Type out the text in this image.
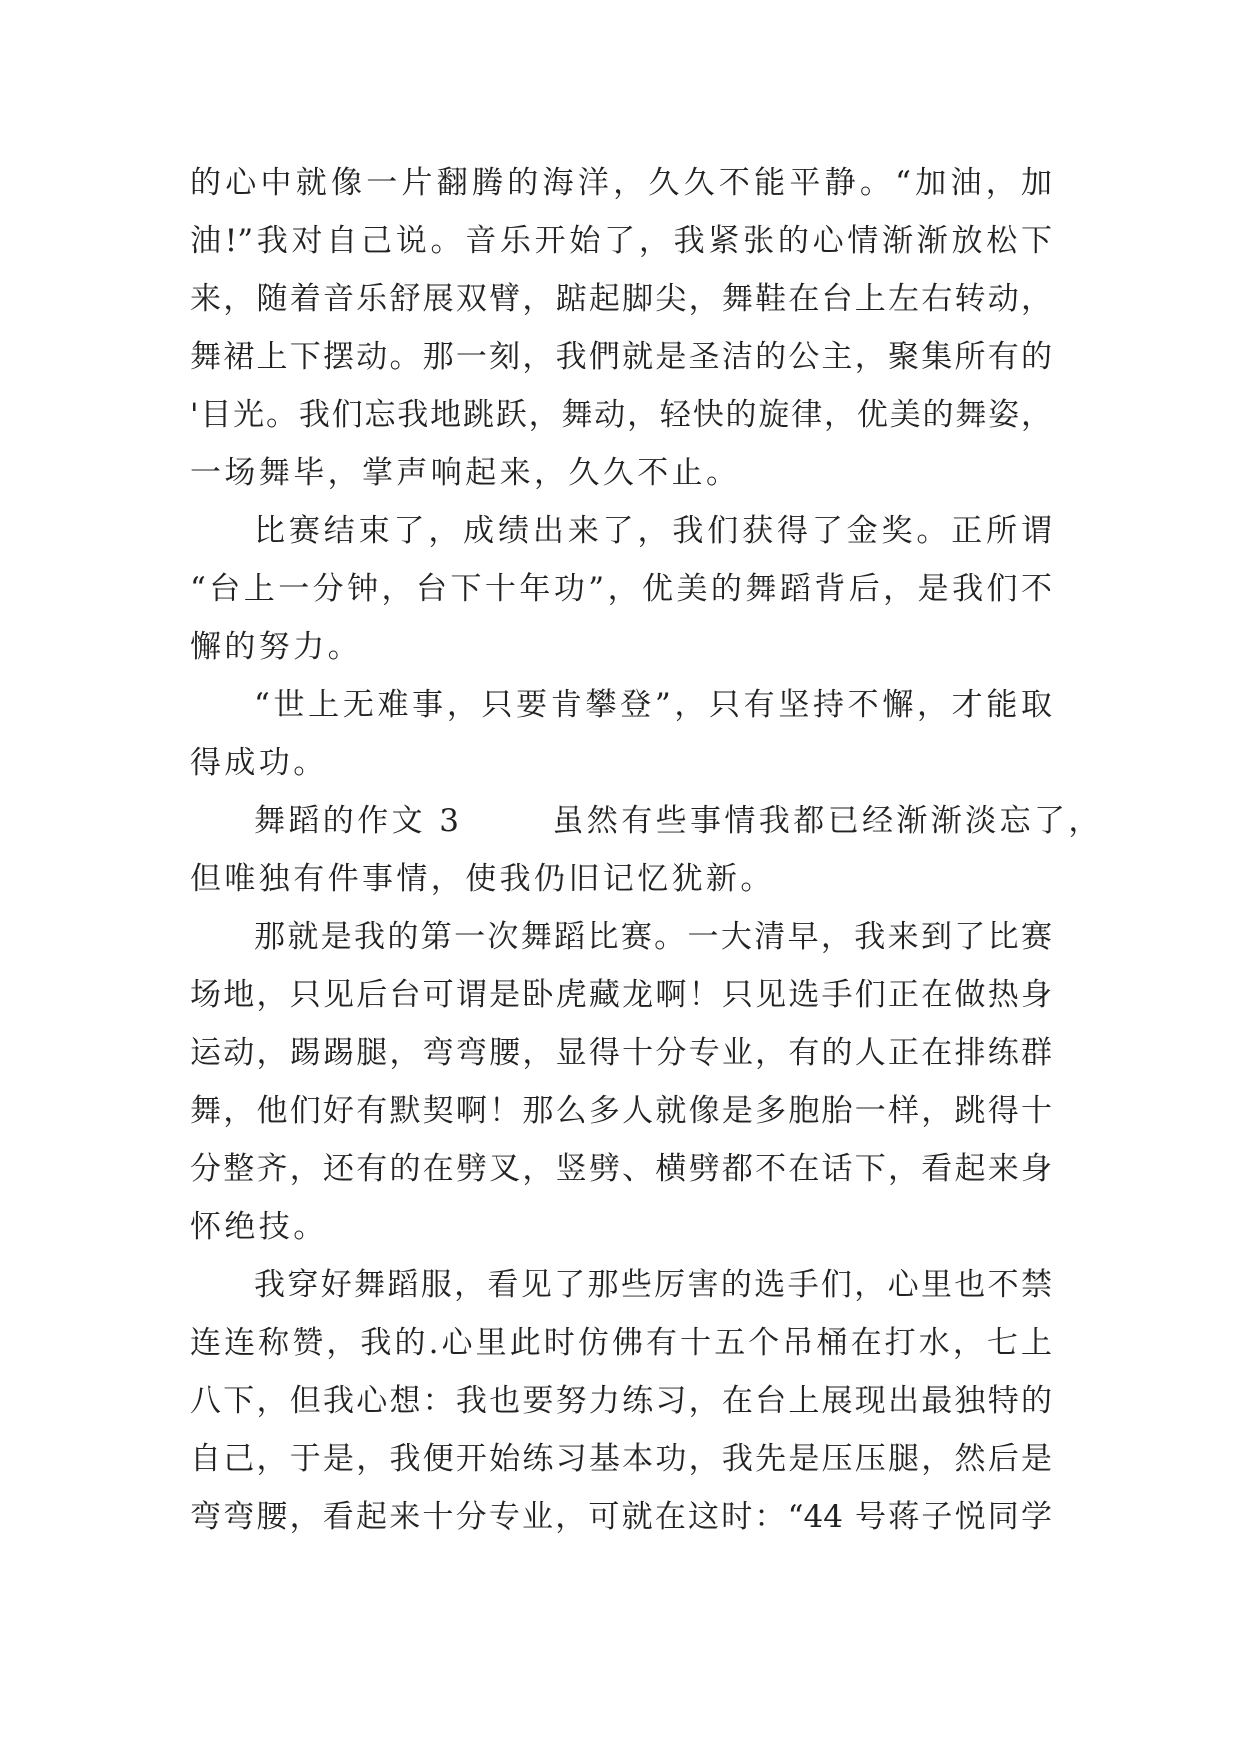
的心中就像一片翻腾的海洋，久久不能平静。“加油，加
油!”我对自己说。音乐开始了，我紧张的心情渐渐放松下
来，随着音乐舒展双臂，踮起脚尖，舞鞋在台上左右转动，
舞裙上下摆动。那一刻，我們就是圣洁的公主，聚集所有的
'目光。我们忘我地跳跃，舞动，轻快的旋律，优美的舞姿，
一场舞毕，掌声响起来，久久不止。
比赛结束了，成绩出来了，我们获得了金奖。正所谓
“台上一分钟，台下十年功”，优美的舞蹈背后，是我们不
懈的努力。
“世上无难事，只要肯攀登”，只有坚持不懈，才能取
得成功。
舞蹈的作文 3	虽然有些事情我都已经渐渐淡忘了，
但唯独有件事情，使我仍旧记忆犹新。
那就是我的第一次舞蹈比赛。一大清早，我来到了比赛
场地，只见后台可谓是卧虎藏龙啊！只见选手们正在做热身
运动，踢踢腿，弯弯腰，显得十分专业，有的人正在排练群
舞，他们好有默契啊！那么多人就像是多胞胎一样，跳得十
分整齐，还有的在劈叉，竖劈、横劈都不在话下，看起来身
怀绝技。
我穿好舞蹈服，看见了那些厉害的选手们，心里也不禁
连连称赞，我的.心里此时仿佛有十五个吊桶在打水，七上
八下，但我心想：我也要努力练习，在台上展现出最独特的
自己，于是，我便开始练习基本功，我先是压压腿，然后是
弯弯腰，看起来十分专业，可就在这时：“44 号蒋子悦同学
